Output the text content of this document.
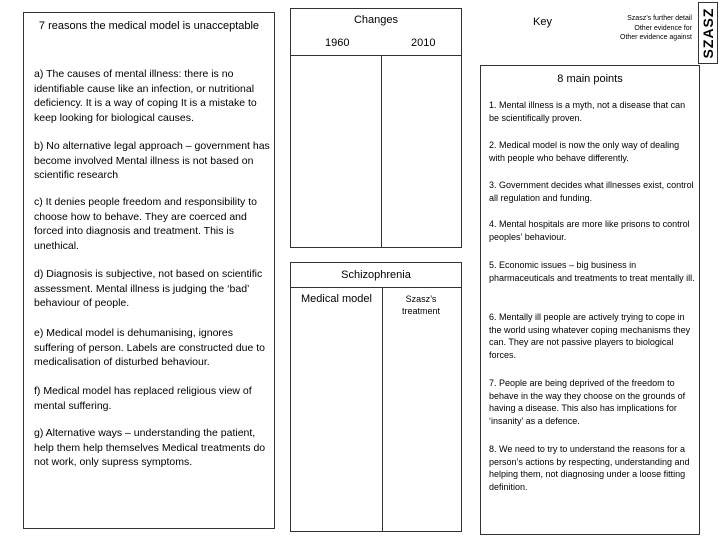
7 reasons the medical model is unacceptable
a) The causes of mental illness: there is no identifiable cause like an infection, or nutritional deficiency. It is a way of coping It is a mistake to keep looking for biological causes.
b) No alternative legal approach – government has become involved Mental illness is not based on scientific research
c) It denies people freedom and responsibility to choose how to behave. They are coerced and forced into diagnosis and treatment. This is unethical.
d) Diagnosis is subjective, not based on scientific assessment. Mental illness is judging the ‘bad’ behaviour of people.
e) Medical model is dehumanising, ignores suffering of person. Labels are constructed due to medicalisation of disturbed behaviour.
f) Medical model has replaced religious view of mental suffering.
g) Alternative ways – understanding the patient, help them help themselves Medical treatments do not work, only supress symptoms.
Changes
1960	2010
Schizophrenia
Medical model	Szasz’s treatment
Key	Szasz’s further detail
Other evidence for
Other evidence against SZASZ
8 main points
1. Mental illness is a myth, not a disease that can be scientifically proven.
2. Medical model is now the only way of dealing with people who behave differently.
3. Government decides what illnesses exist, control all regulation and funding.
4. Mental hospitals are more like prisons to control peoples’ behaviour.
5. Economic issues – big business in pharmaceuticals and treatments to treat mentally ill.
6. Mentally ill people are actively trying to cope in the world using whatever coping mechanisms they can. They are not passive players to biological forces.
7. People are being deprived of the freedom to behave in the way they choose on the grounds of having a disease. This also has implications for ‘insanity’ as a defence.
8. We need to try to understand the reasons for a person’s actions by respecting, understanding and helping them, not diagnosing under a loose fitting definition.
